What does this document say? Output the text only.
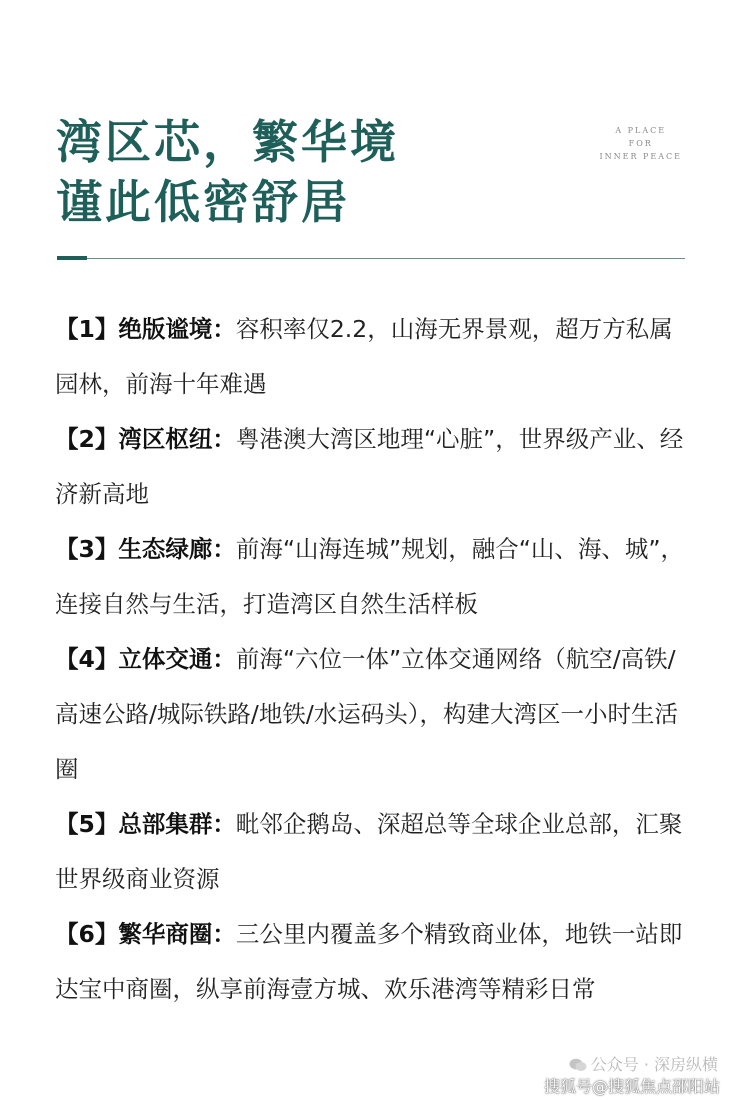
湾区芯，繁华境
谨此低密舒居
A PLACE
FOR
INNER PEACE

【1】绝版谧境：容积率仅2.2，山海无界景观，超万方私属园林，前海十年难遇

【2】湾区枢纽：粤港澳大湾区地理“心脏”，世界级产业、经济新高地

【3】生态绿廊：前海“山海连城”规划，融合“山、海、城”，连接自然与生活，打造湾区自然生活样板

【4】立体交通：前海“六位一体”立体交通网络（航空/高铁/高速公路/城际铁路/地铁/水运码头），构建大湾区一小时生活圈

【5】总部集群：毗邻企鹅岛、深超总等全球企业总部，汇聚世界级商业资源

【6】繁华商圈：三公里内覆盖多个精致商业体，地铁一站即达宝中商圈，纵享前海壹方城、欢乐港湾等精彩日常

公众号 · 深房纵横
搜狐号@搜狐焦点邵阳站
